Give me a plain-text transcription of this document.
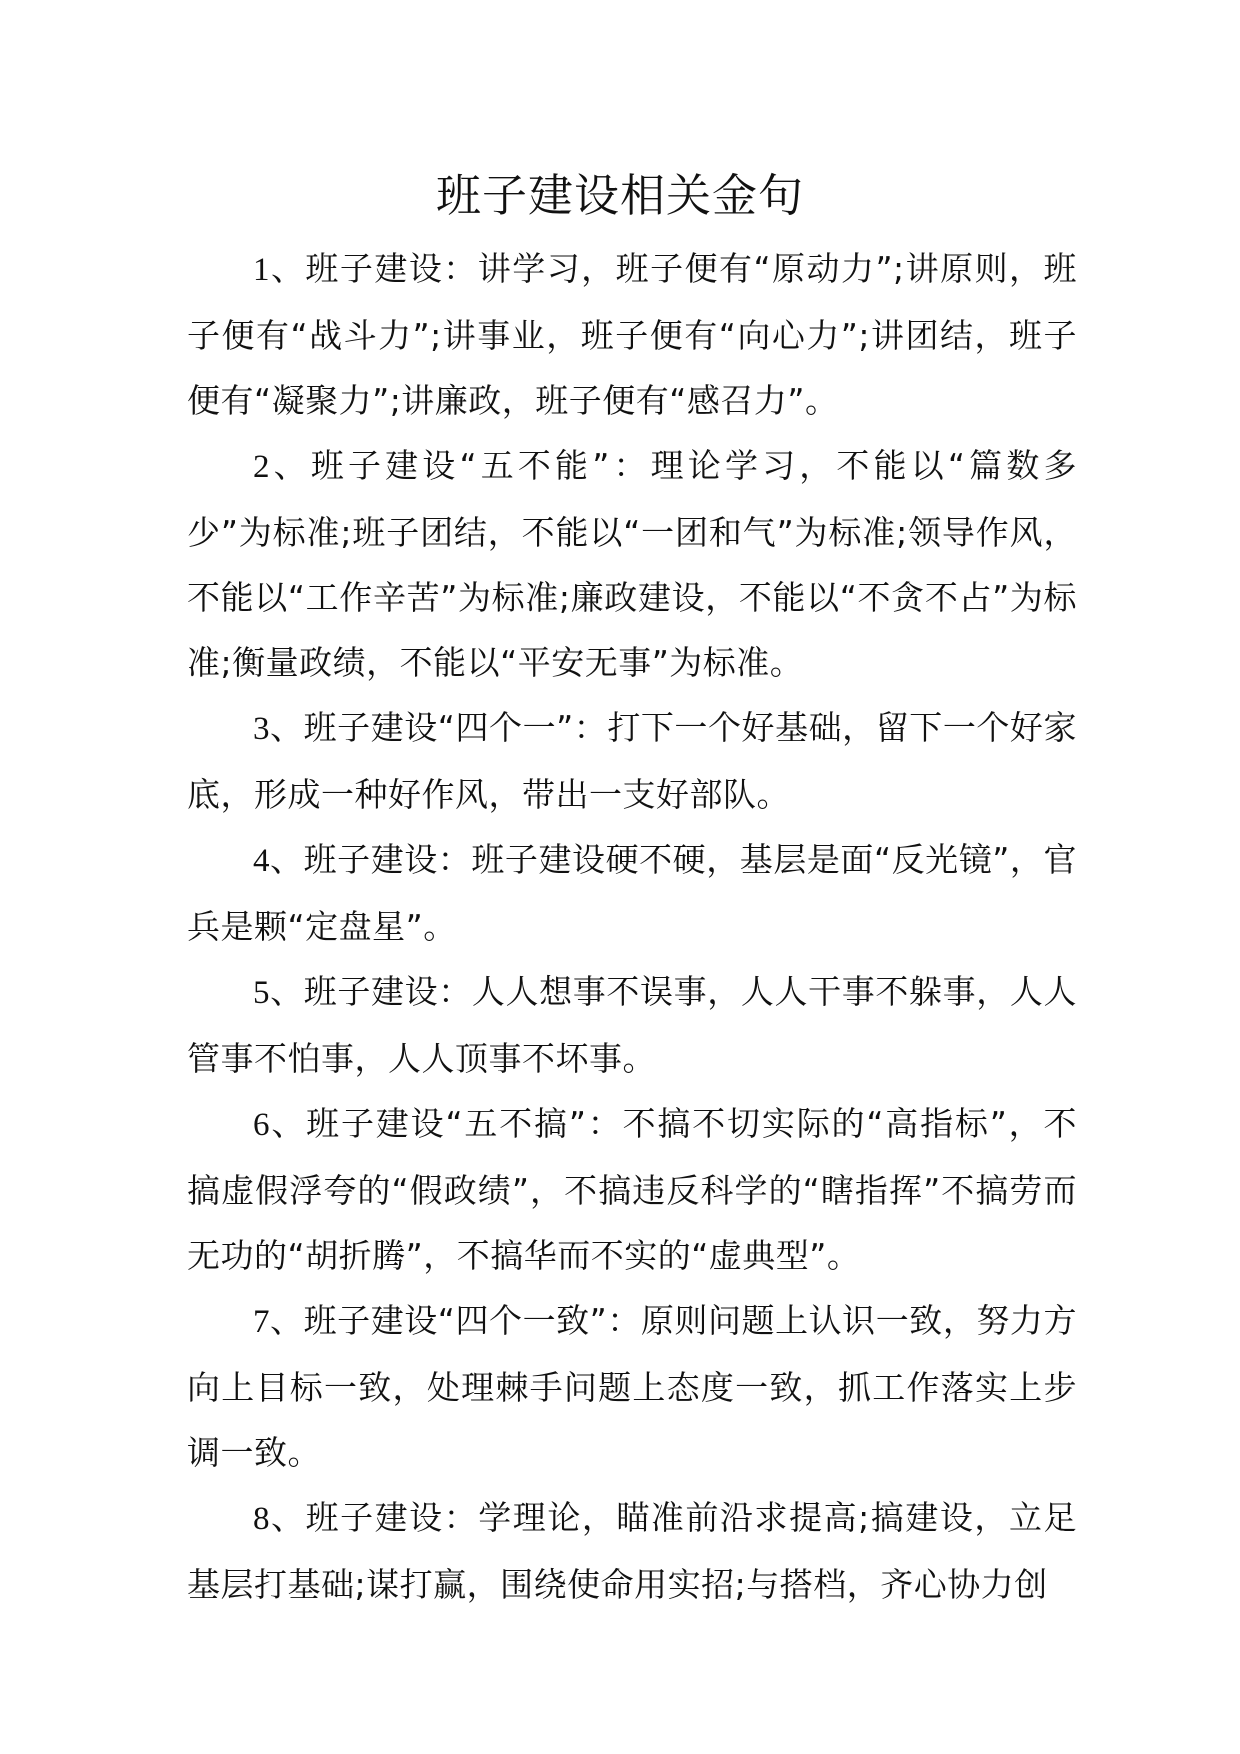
班子建设相关金句

1、班子建设：讲学习，班子便有“原动力”;讲原则，班子便有“战斗力”;讲事业，班子便有“向心力”;讲团结，班子便有“凝聚力”;讲廉政，班子便有“感召力”。

2、班子建设“五不能”：理论学习，不能以“篇数多少”为标准;班子团结，不能以“一团和气”为标准;领导作风，不能以“工作辛苦”为标准;廉政建设，不能以“不贪不占”为标准;衡量政绩，不能以“平安无事”为标准。

3、班子建设“四个一”：打下一个好基础，留下一个好家底，形成一种好作风，带出一支好部队。

4、班子建设：班子建设硬不硬，基层是面“反光镜”，官兵是颗“定盘星”。

5、班子建设：人人想事不误事，人人干事不躲事，人人管事不怕事，人人顶事不坏事。

6、班子建设“五不搞”：不搞不切实际的“高指标”，不搞虚假浮夸的“假政绩”，不搞违反科学的“瞎指挥”不搞劳而无功的“胡折腾”，不搞华而不实的“虚典型”。

7、班子建设“四个一致”：原则问题上认识一致，努力方向上目标一致，处理棘手问题上态度一致，抓工作落实上步调一致。

8、班子建设：学理论，瞄准前沿求提高;搞建设，立足基层打基础;谋打赢，围绕使命用实招;与搭档，齐心协力创
